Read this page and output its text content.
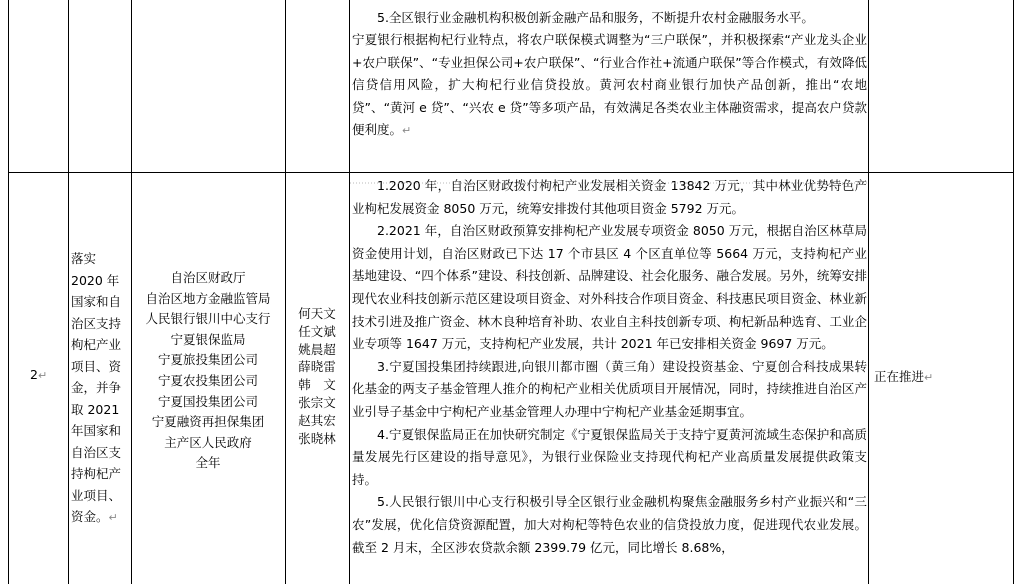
5.全区银行业金融机构积极创新金融产品和服务，不断提升农村金融服务水平。

宁夏银行根据枸杞行业特点，将农户联保模式调整为“三户联保”，并积极探索“产业龙头企业+农户联保”、“专业担保公司+农户联保”、“行业合作社+流通户联保”等合作模式，有效降低信贷信用风险，扩大枸杞行业信贷投放。黄河农村商业银行加快产品创新，推出“农地贷”、“黄河 e 贷”、“兴农 e 贷”等多项产品，有效满足各类农业主体融资需求，提高农户贷款便利度。↵

2↵
落实 2020 年国家和自治区支持枸杞产业项目、资金，并争取 2021 年国家和自治区支持枸杞产业项目、资金。↵
自治区财政厅
自治区地方金融监管局
人民银行银川中心支行
宁夏银保监局
宁夏旅投集团公司
宁夏农投集团公司
宁夏国投集团公司
宁夏融资再担保集团
主产区人民政府
全年
何天文
任文斌
姚晨超
薛晓雷
韩　文
张宗文
赵其宏
张晓林

1.2020 年，自治区财政拨付枸杞产业发展相关资金 13842 万元，其中林业优势特色产业枸杞发展资金 8050 万元，统筹安排拨付其他项目资金 5792 万元。

2.2021 年，自治区财政预算安排枸杞产业发展专项资金 8050 万元，根据自治区林草局资金使用计划，自治区财政已下达 17 个市县区 4 个区直单位等 5664 万元，支持枸杞产业基地建设、“四个体系”建设、科技创新、品牌建设、社会化服务、融合发展。另外，统筹安排现代农业科技创新示范区建设项目资金、对外科技合作项目资金、科技惠民项目资金、林业新技术引进及推广资金、林木良种培育补助、农业自主科技创新专项、枸杞新品种选育、工业企业专项等 1647 万元，支持枸杞产业发展，共计 2021 年已安排相关资金 9697 万元。

3.宁夏国投集团持续跟进,向银川都市圈（黄三角）建设投资基金、宁夏创合科技成果转化基金的两支子基金管理人推介的枸杞产业相关优质项目开展情况，同时，持续推进自治区产业引导子基金中宁枸杞产业基金管理人办理中宁枸杞产业基金延期事宜。

4.宁夏银保监局正在加快研究制定《宁夏银保监局关于支持宁夏黄河流域生态保护和高质量发展先行区建设的指导意见》，为银行业保险业支持现代枸杞产业高质量发展提供政策支持。

5.人民银行银川中心支行积极引导全区银行业金融机构聚焦金融服务乡村产业振兴和“三农”发展，优化信贷资源配置，加大对枸杞等特色农业的信贷投放力度，促进现代农业发展。截至 2 月末，全区涉农贷款余额 2399.79 亿元，同比增长 8.68%，

正在推进↵
